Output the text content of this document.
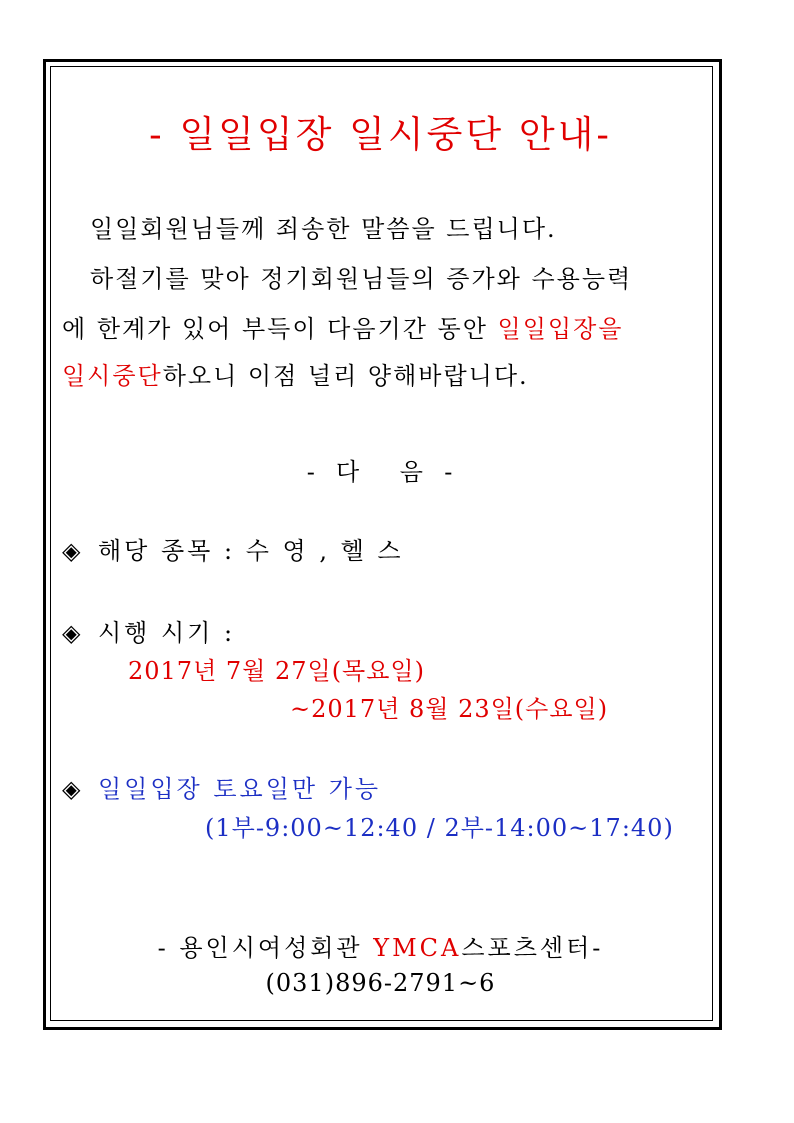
- 일일입장 일시중단 안내-
일일회원님들께 죄송한 말씀을 드립니다.
하절기를 맞아 정기회원님들의 증가와 수용능력
에 한계가 있어 부득이 다음기간 동안 일일입장을
일시중단하오니 이점 널리 양해바랍니다.
-  다    음  -
◈ 해당 종목 : 수 영 , 헬 스
◈ 시행 시기 :
2017년 7월 27일(목요일)
~2017년 8월 23일(수요일)
◈ 일일입장 토요일만 가능
(1부-9:00~12:40 / 2부-14:00~17:40)
- 용인시여성회관 YMCA스포츠센터-
(031)896-2791~6
